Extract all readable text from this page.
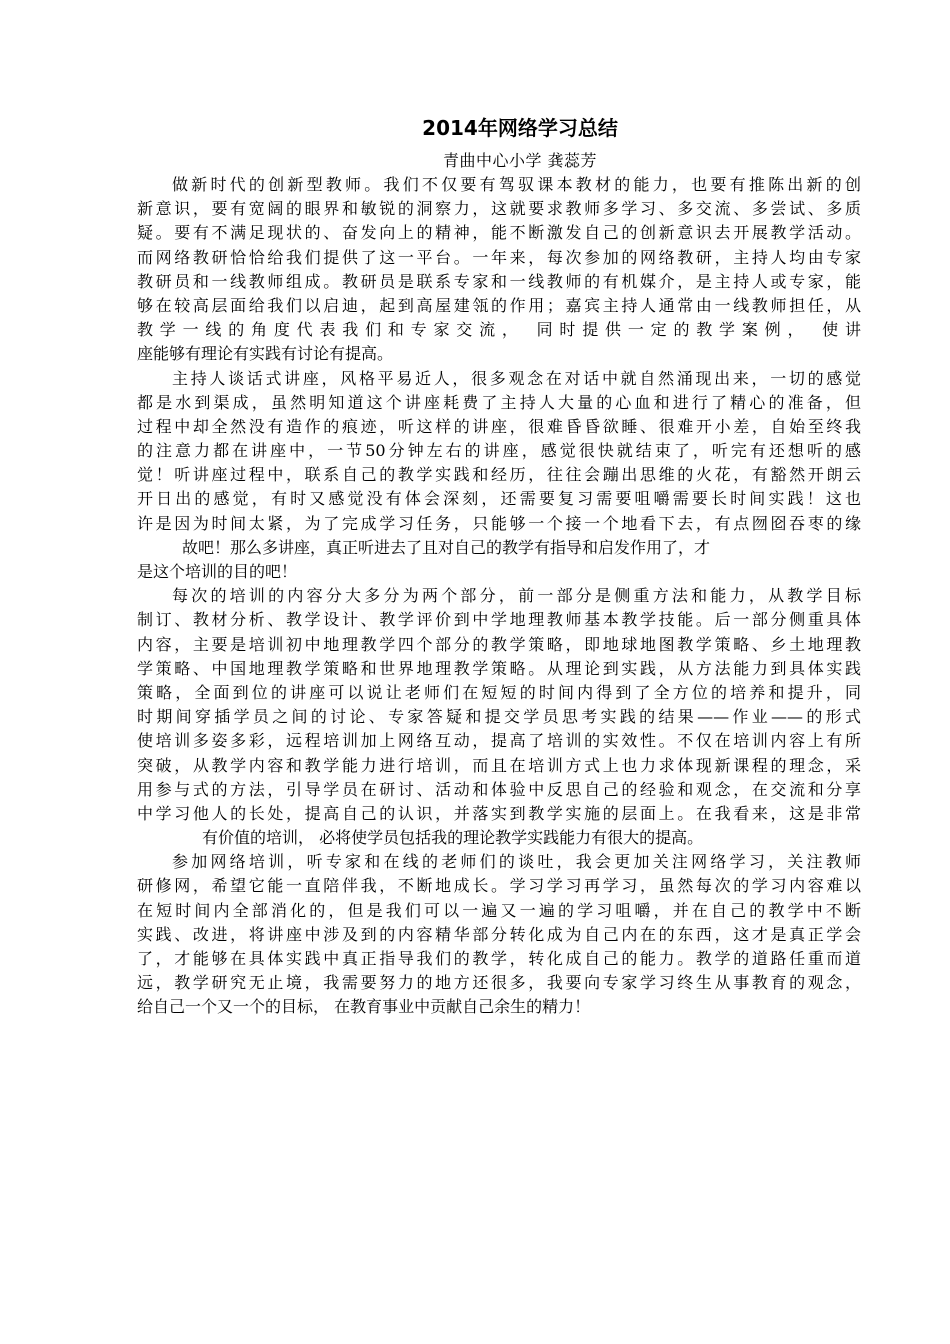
2014年网络学习总结
青曲中心小学 龚蕊芳
做新时代的创新型教师。我们不仅要有驾驭课本教材的能力，也要有推陈出新的创
新意识，要有宽阔的眼界和敏锐的洞察力，这就要求教师多学习、多交流、多尝试、多质
疑。要有不满足现状的、奋发向上的精神，能不断激发自己的创新意识去开展教学活动。
而网络教研恰恰给我们提供了这一平台。一年来，每次参加的网络教研，主持人均由专家
教研员和一线教师组成。教研员是联系专家和一线教师的有机媒介，是主持人或专家，能
够在较高层面给我们以启迪，起到高屋建瓴的作用；嘉宾主持人通常由一线教师担任，从
教学一线的角度代表我们和专家交流， 同时提供一定的教学案例， 使讲
座能够有理论有实践有讨论有提高。
主持人谈话式讲座，风格平易近人，很多观念在对话中就自然涌现出来，一切的感觉
都是水到渠成，虽然明知道这个讲座耗费了主持人大量的心血和进行了精心的准备，但
过程中却全然没有造作的痕迹，听这样的讲座，很难昏昏欲睡、很难开小差，自始至终我
的注意力都在讲座中，一节50分钟左右的讲座，感觉很快就结束了，听完有还想听的感
觉！听讲座过程中，联系自己的教学实践和经历，往往会蹦出思维的火花，有豁然开朗云
开日出的感觉，有时又感觉没有体会深刻，还需要复习需要咀嚼需要长时间实践！这也
许是因为时间太紧，为了完成学习任务，只能够一个接一个地看下去，有点囫囵吞枣的缘
故吧！那么多讲座，真正听进去了且对自己的教学有指导和启发作用了，才
是这个培训的目的吧！
每次的培训的内容分大多分为两个部分，前一部分是侧重方法和能力，从教学目标
制订、教材分析、教学设计、教学评价到中学地理教师基本教学技能。后一部分侧重具体
内容，主要是培训初中地理教学四个部分的教学策略，即地球地图教学策略、乡土地理教
学策略、中国地理教学策略和世界地理教学策略。从理论到实践，从方法能力到具体实践
策略，全面到位的讲座可以说让老师们在短短的时间内得到了全方位的培养和提升，同
时期间穿插学员之间的讨论、专家答疑和提交学员思考实践的结果——作业——的形式
使培训多姿多彩，远程培训加上网络互动，提高了培训的实效性。不仅在培训内容上有所
突破，从教学内容和教学能力进行培训，而且在培训方式上也力求体现新课程的理念，采
用参与式的方法，引导学员在研讨、活动和体验中反思自己的经验和观念，在交流和分享
中学习他人的长处，提高自己的认识，并落实到教学实施的层面上。在我看来，这是非常
有价值的培训， 必将使学员包括我的理论教学实践能力有很大的提高。
参加网络培训，听专家和在线的老师们的谈吐，我会更加关注网络学习，关注教师
研修网，希望它能一直陪伴我，不断地成长。学习学习再学习，虽然每次的学习内容难以
在短时间内全部消化的，但是我们可以一遍又一遍的学习咀嚼，并在自己的教学中不断
实践、改进，将讲座中涉及到的内容精华部分转化成为自己内在的东西，这才是真正学会
了，才能够在具体实践中真正指导我们的教学，转化成自己的能力。教学的道路任重而道
远，教学研究无止境，我需要努力的地方还很多，我要向专家学习终生从事教育的观念，
给自己一个又一个的目标， 在教育事业中贡献自己余生的精力！
